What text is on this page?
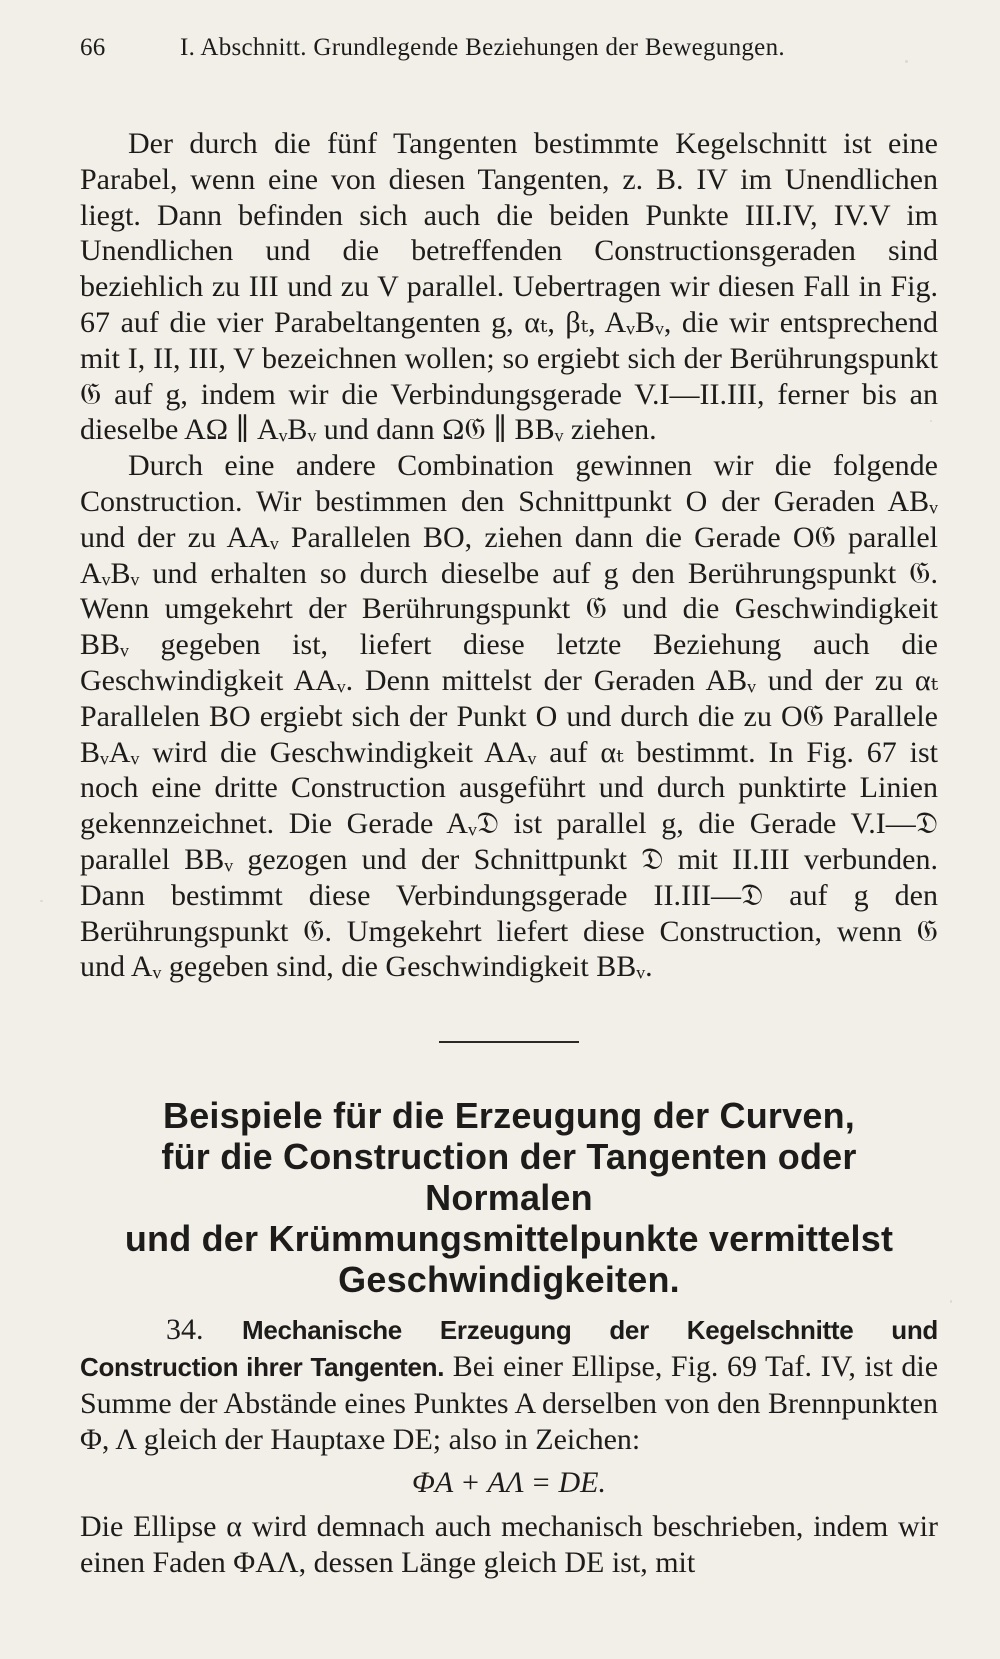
66	I. Abschnitt. Grundlegende Beziehungen der Bewegungen.

Der durch die fünf Tangenten bestimmte Kegelschnitt ist eine Parabel, wenn eine von diesen Tangenten, z. B. IV im Unendlichen liegt. Dann befinden sich auch die beiden Punkte III.IV, IV.V im Unendlichen und die betreffenden Constructionsgeraden sind beziehlich zu III und zu V parallel. Uebertragen wir diesen Fall in Fig. 67 auf die vier Parabeltangenten g, αₜ, βₜ, AᵥBᵥ, die wir entsprechend mit I, II, III, V bezeichnen wollen; so ergiebt sich der Berührungspunkt 𝔊 auf g, indem wir die Verbindungsgerade V.I—II.III, ferner bis an dieselbe AΩ ∥ AᵥBᵥ und dann Ω𝔊 ∥ BBᵥ ziehen.

Durch eine andere Combination gewinnen wir die folgende Construction. Wir bestimmen den Schnittpunkt O der Geraden ABᵥ und der zu AAᵥ Parallelen BO, ziehen dann die Gerade O𝔊 parallel AᵥBᵥ und erhalten so durch dieselbe auf g den Berührungspunkt 𝔊. Wenn umgekehrt der Berührungspunkt 𝔊 und die Geschwindigkeit BBᵥ gegeben ist, liefert diese letzte Beziehung auch die Geschwindigkeit AAᵥ. Denn mittelst der Geraden ABᵥ und der zu αₜ Parallelen BO ergiebt sich der Punkt O und durch die zu O𝔊 Parallele BᵥAᵥ wird die Geschwindigkeit AAᵥ auf αₜ bestimmt. In Fig. 67 ist noch eine dritte Construction ausgeführt und durch punktirte Linien gekennzeichnet. Die Gerade Aᵥ𝔇 ist parallel g, die Gerade V.I—𝔇 parallel BBᵥ gezogen und der Schnittpunkt 𝔇 mit II.III verbunden. Dann bestimmt diese Verbindungsgerade II.III—𝔇 auf g den Berührungspunkt 𝔊. Umgekehrt liefert diese Construction, wenn 𝔊 und Aᵥ gegeben sind, die Geschwindigkeit BBᵥ.

Beispiele für die Erzeugung der Curven,
für die Construction der Tangenten oder Normalen
und der Krümmungsmittelpunkte vermittelst
Geschwindigkeiten.

34. Mechanische Erzeugung der Kegelschnitte und Construction ihrer Tangenten. Bei einer Ellipse, Fig. 69 Taf. IV, ist die Summe der Abstände eines Punktes A derselben von den Brennpunkten Φ, Λ gleich der Hauptaxe DE; also in Zeichen:

ΦA + AΛ = DE.

Die Ellipse α wird demnach auch mechanisch beschrieben, indem wir einen Faden ΦAΛ, dessen Länge gleich DE ist, mit
